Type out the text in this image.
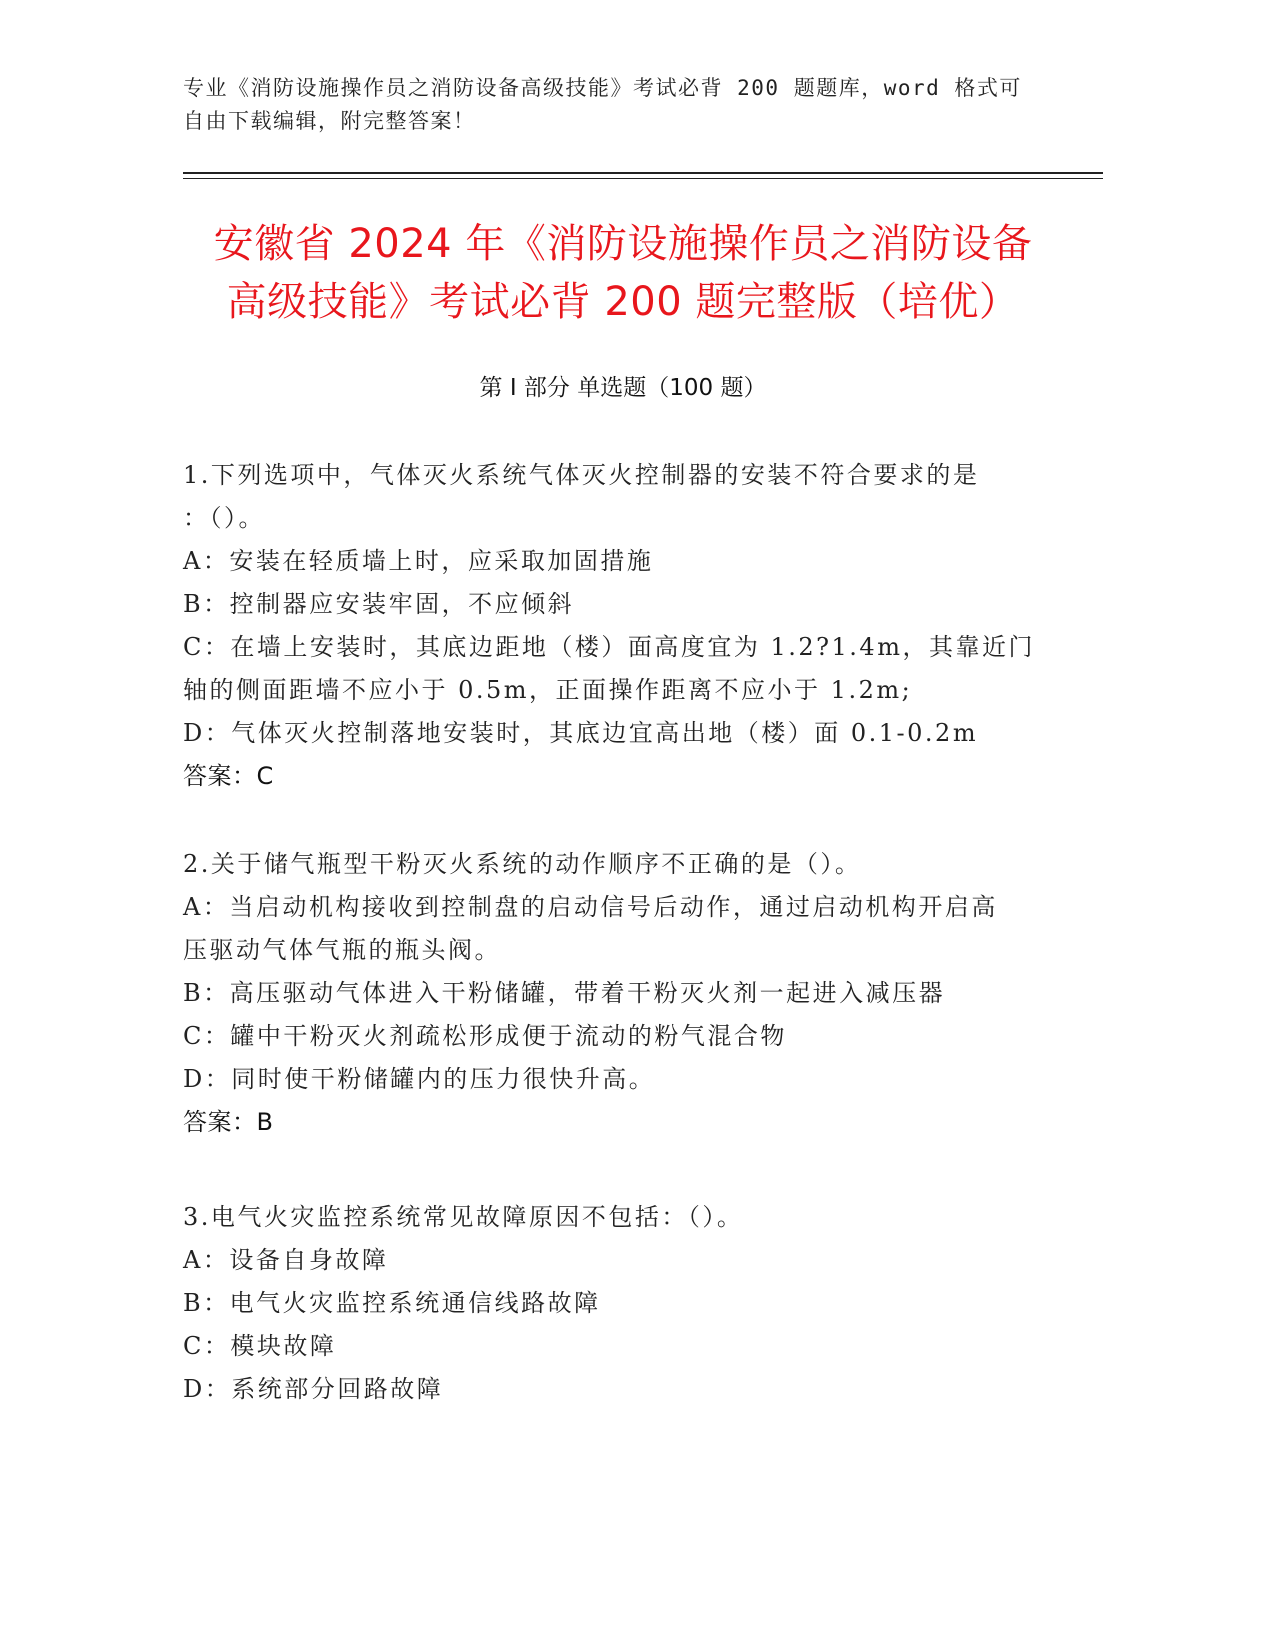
专业《消防设施操作员之消防设备高级技能》考试必背 200 题题库，word 格式可
自由下载编辑，附完整答案！
安徽省 2024 年《消防设施操作员之消防设备
高级技能》考试必背 200 题完整版（培优）
第 I 部分 单选题（100 题）
1.下列选项中，气体灭火系统气体灭火控制器的安装不符合要求的是
：（）。
A：安装在轻质墙上时，应采取加固措施
B：控制器应安装牢固，不应倾斜
C：在墙上安装时，其底边距地（楼）面高度宜为 1.2?1.4m，其靠近门
轴的侧面距墙不应小于 0.5m，正面操作距离不应小于 1.2m;
D：气体灭火控制落地安装时，其底边宜高出地（楼）面 0.1-0.2m
答案：C
2.关于储气瓶型干粉灭火系统的动作顺序不正确的是（）。
A：当启动机构接收到控制盘的启动信号后动作，通过启动机构开启高
压驱动气体气瓶的瓶头阀。
B：高压驱动气体进入干粉储罐，带着干粉灭火剂一起进入减压器
C：罐中干粉灭火剂疏松形成便于流动的粉气混合物
D：同时使干粉储罐内的压力很快升高。
答案：B
3.电气火灾监控系统常见故障原因不包括：（）。
A：设备自身故障
B：电气火灾监控系统通信线路故障
C：模块故障
D：系统部分回路故障
